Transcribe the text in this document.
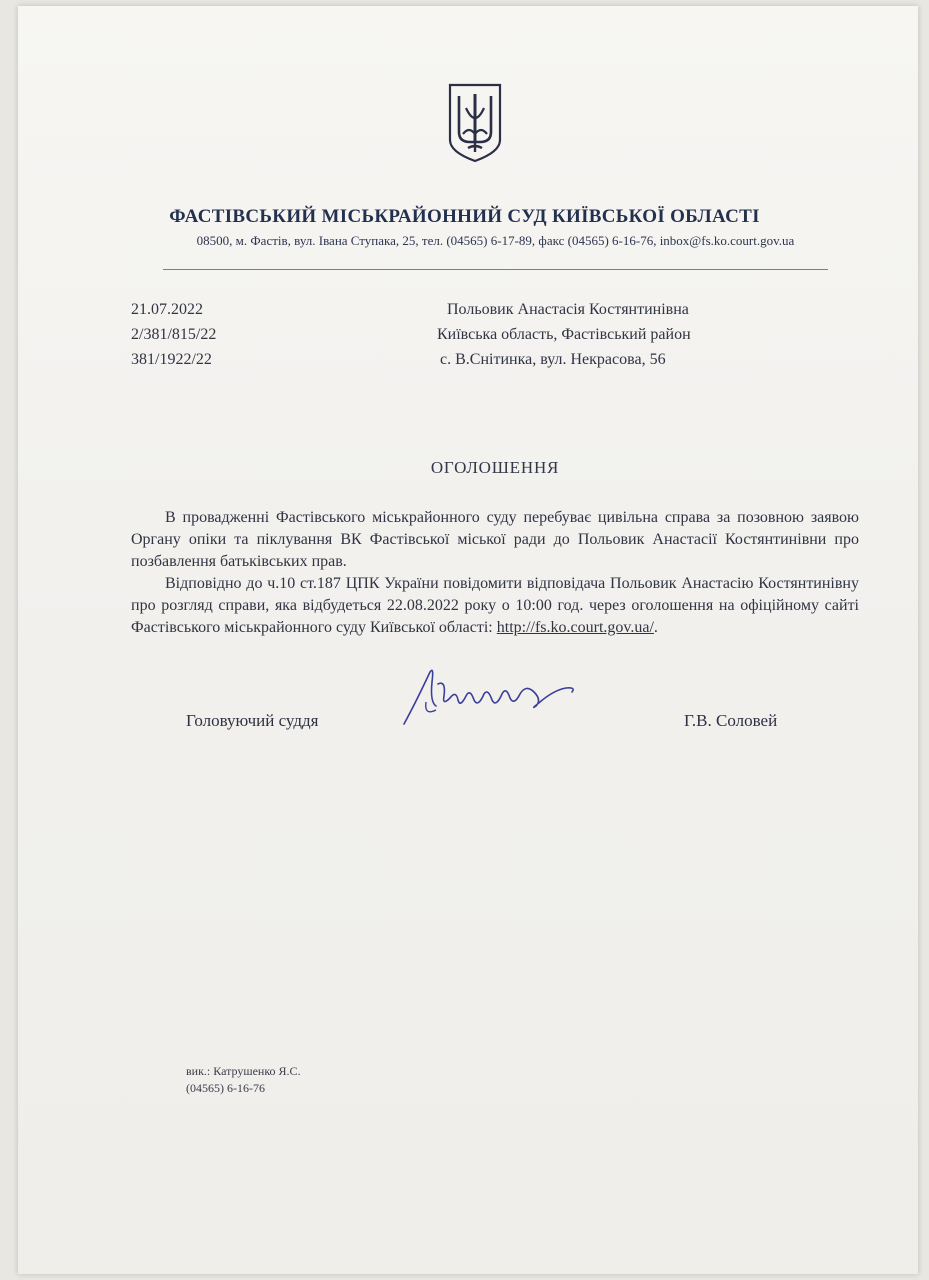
ФАСТІВСЬКИЙ МІСЬКРАЙОННИЙ СУД КИЇВСЬКОЇ ОБЛАСТІ
08500, м. Фастів, вул. Івана Ступака, 25, тел. (04565) 6-17-89, факс (04565) 6-16-76, inbox@fs.ko.court.gov.ua
21.07.2022
2/381/815/22
381/1922/22
Польовик Анастасія Костянтинівна
Київська область, Фастівський район
с. В.Снітинка, вул. Некрасова, 56
ОГОЛОШЕННЯ

В провадженні Фастівського міськрайонного суду перебуває цивільна справа за позовною заявою Органу опіки та піклування ВК Фастівської міської ради до Польовик Анастасії Костянтинівни про позбавлення батьківських прав.

Відповідно до ч.10 ст.187 ЦПК України повідомити відповідача Польовик Анастасію Костянтинівну про розгляд справи, яка відбудеться 22.08.2022 року о 10:00 год. через оголошення на офіційному сайті Фастівського міськрайонного суду Київської області: http://fs.ko.court.gov.ua/.

Головуючий суддя	Г.В. Соловей
вик.: Катрушенко Я.С.
(04565) 6-16-76
